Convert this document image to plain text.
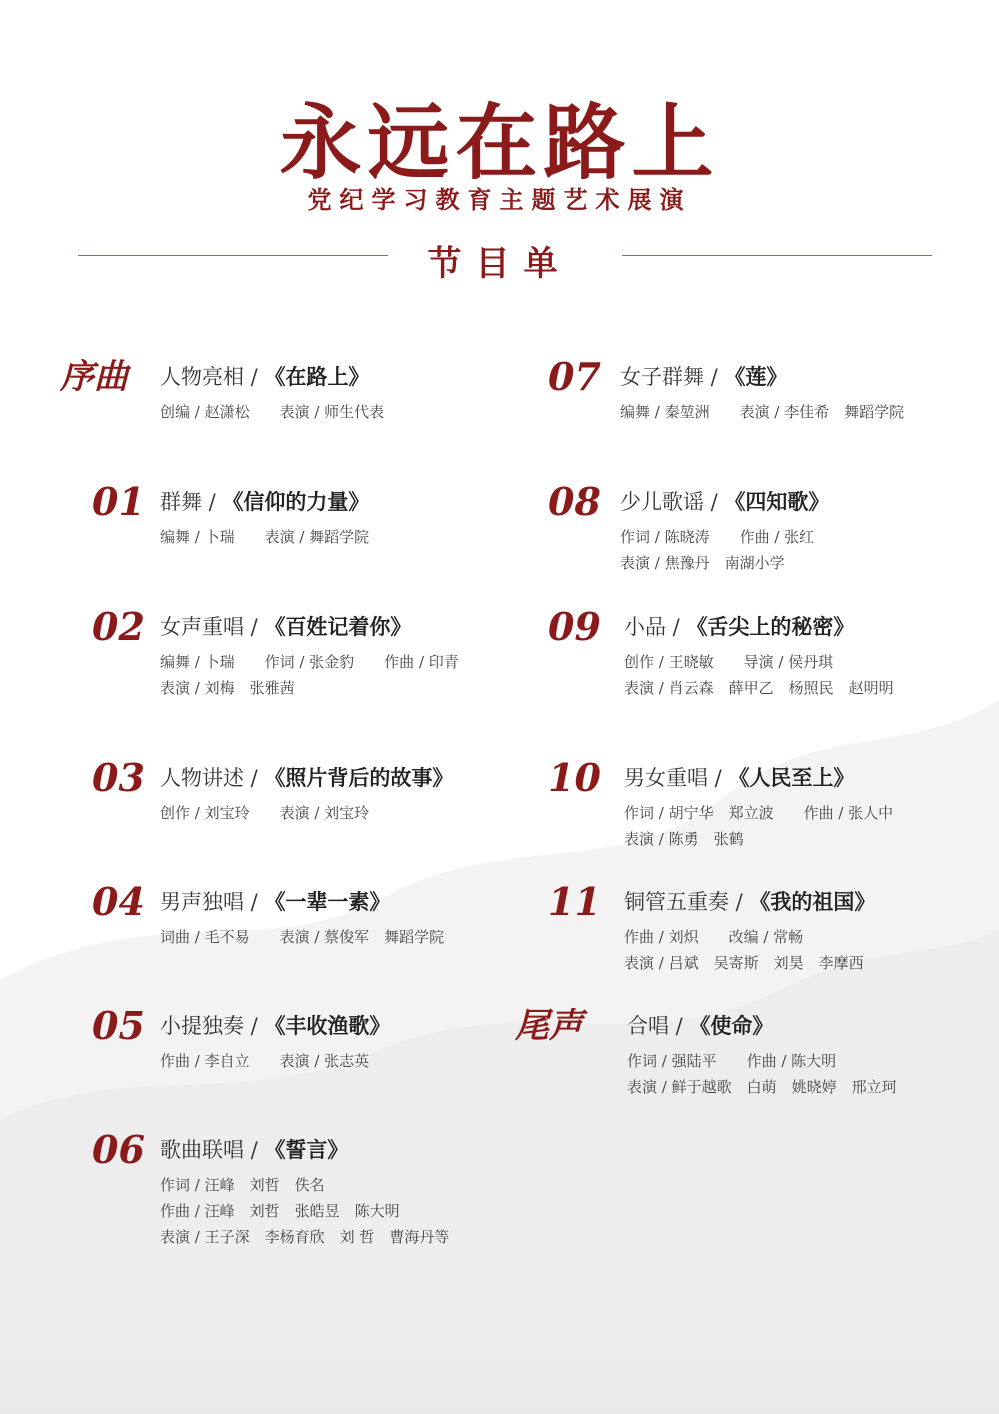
永远在路上
党纪学习教育主题艺术展演
节目单
序曲 人物亮相 / 《在路上》
创编 / 赵潇松　　表演 / 师生代表
01 群舞 / 《信仰的力量》
编舞 / 卜瑞　　表演 / 舞蹈学院
02 女声重唱 / 《百姓记着你》
编舞 / 卜瑞　　作词 / 张金豹　　作曲 / 印青
表演 / 刘梅　张雅茜
03 人物讲述 / 《照片背后的故事》
创作 / 刘宝玲　　表演 / 刘宝玲
04 男声独唱 / 《一辈一素》
词曲 / 毛不易　　表演 / 蔡俊军　舞蹈学院
05 小提独奏 / 《丰收渔歌》
作曲 / 李自立　　表演 / 张志英
06 歌曲联唱 / 《誓言》
作词 / 汪峰　刘哲　佚名
作曲 / 汪峰　刘哲　张皓昱　陈大明
表演 / 王子深　李杨育欣　刘 哲　曹海丹等
07 女子群舞 / 《莲》
编舞 / 秦堃洲　　表演 / 李佳希　舞蹈学院
08 少儿歌谣 / 《四知歌》
作词 / 陈晓涛　　作曲 / 张红
表演 / 焦豫丹　南湖小学
09 小品 / 《舌尖上的秘密》
创作 / 王晓敏　　导演 / 侯丹琪
表演 / 肖云森　薛甲乙　杨照民　赵明明
10 男女重唱 / 《人民至上》
作词 / 胡宁华　郑立波　　作曲 / 张人中
表演 / 陈勇　张鹤
11 铜管五重奏 / 《我的祖国》
作曲 / 刘炽　　改编 / 常畅
表演 / 吕斌　吴寄斯　刘昊　李摩西
尾声 合唱 / 《使命》
作词 / 强陆平　　作曲 / 陈大明
表演 / 鲜于越歌　白萌　姚晓婷　邢立珂
